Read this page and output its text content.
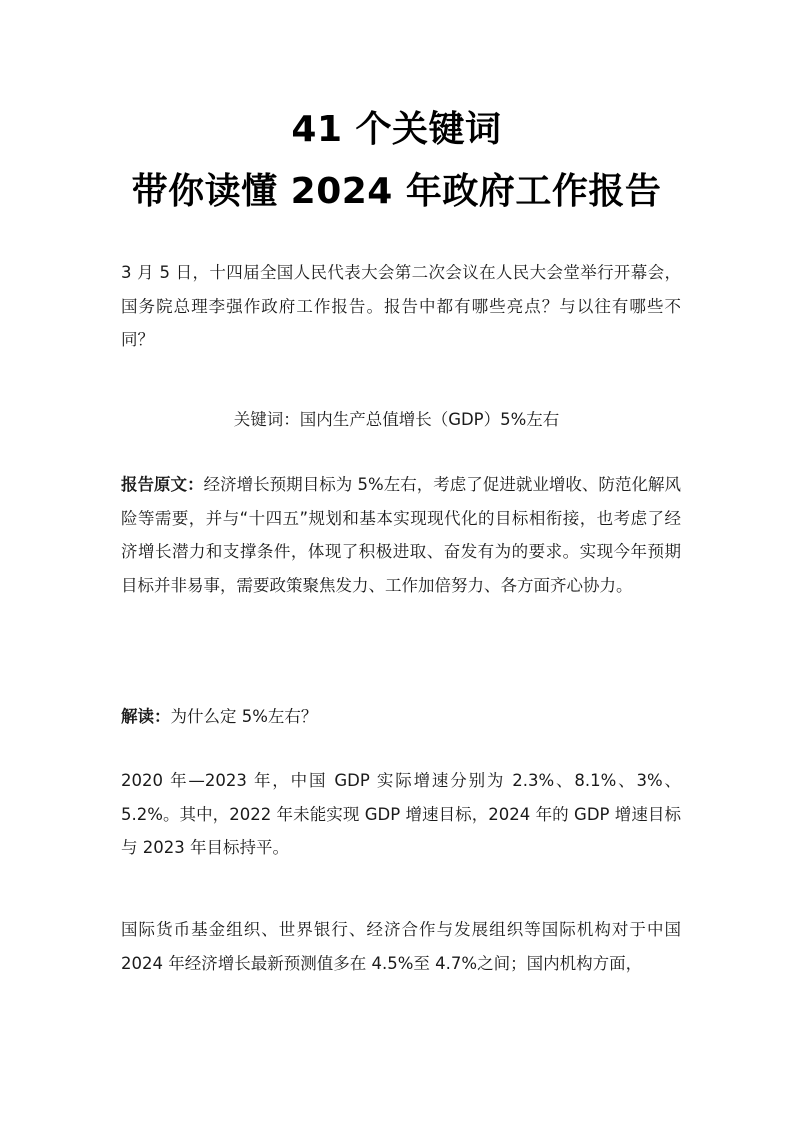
41 个关键词
带你读懂 2024 年政府工作报告
3 月 5 日，十四届全国人民代表大会第二次会议在人民大会堂举行开幕会，国务院总理李强作政府工作报告。报告中都有哪些亮点？与以往有哪些不同？
关键词：国内生产总值增长（GDP）5%左右
报告原文：经济增长预期目标为 5%左右，考虑了促进就业增收、防范化解风险等需要，并与“十四五”规划和基本实现现代化的目标相衔接，也考虑了经济增长潜力和支撑条件，体现了积极进取、奋发有为的要求。实现今年预期目标并非易事，需要政策聚焦发力、工作加倍努力、各方面齐心协力。
解读：为什么定 5%左右？
2020 年—2023 年，中国 GDP 实际增速分别为 2.3%、8.1%、3%、5.2%。其中，2022 年未能实现 GDP 增速目标，2024 年的 GDP 增速目标与 2023 年目标持平。
国际货币基金组织、世界银行、经济合作与发展组织等国际机构对于中国 2024 年经济增长最新预测值多在 4.5%至 4.7%之间；国内机构方面，
